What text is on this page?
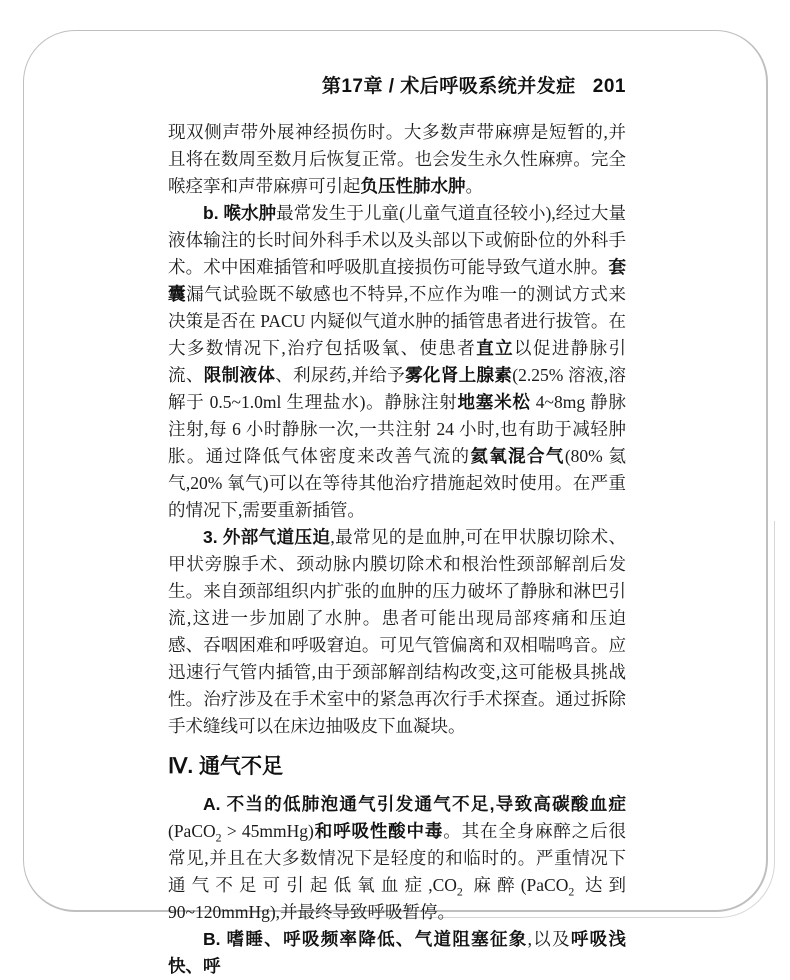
第17章 / 术后呼吸系统并发症 201

现双侧声带外展神经损伤时。大多数声带麻痹是短暂的,并且将在数周至数月后恢复正常。也会发生永久性麻痹。完全喉痉挛和声带麻痹可引起负压性肺水肿。

b. 喉水肿最常发生于儿童(儿童气道直径较小),经过大量液体输注的长时间外科手术以及头部以下或俯卧位的外科手术。术中困难插管和呼吸肌直接损伤可能导致气道水肿。套囊漏气试验既不敏感也不特异,不应作为唯一的测试方式来决策是否在 PACU 内疑似气道水肿的插管患者进行拔管。在大多数情况下,治疗包括吸氧、使患者直立以促进静脉引流、限制液体、利尿药,并给予雾化肾上腺素(2.25% 溶液,溶解于 0.5~1.0ml 生理盐水)。静脉注射地塞米松 4~8mg 静脉注射,每 6 小时静脉一次,一共注射 24 小时,也有助于减轻肿胀。通过降低气体密度来改善气流的氦氧混合气(80% 氦气,20% 氧气)可以在等待其他治疗措施起效时使用。在严重的情况下,需要重新插管。

3. 外部气道压迫,最常见的是血肿,可在甲状腺切除术、甲状旁腺手术、颈动脉内膜切除术和根治性颈部解剖后发生。来自颈部组织内扩张的血肿的压力破坏了静脉和淋巴引流,这进一步加剧了水肿。患者可能出现局部疼痛和压迫感、吞咽困难和呼吸窘迫。可见气管偏离和双相喘鸣音。应迅速行气管内插管,由于颈部解剖结构改变,这可能极具挑战性。治疗涉及在手术室中的紧急再次行手术探查。通过拆除手术缝线可以在床边抽吸皮下血凝块。

Ⅳ. 通气不足

A. 不当的低肺泡通气引发通气不足,导致高碳酸血症(PaCO$_2$ > 45mmHg)和呼吸性酸中毒。其在全身麻醉之后很常见,并且在大多数情况下是轻度的和临时的。严重情况下通气不足可引起低氧血症$,CO_2$ 麻醉(PaCO$_2$ 达到 90~120mmHg),并最终导致呼吸暂停。

B. 嗜睡、呼吸频率降低、气道阻塞征象,以及呼吸浅快、呼
